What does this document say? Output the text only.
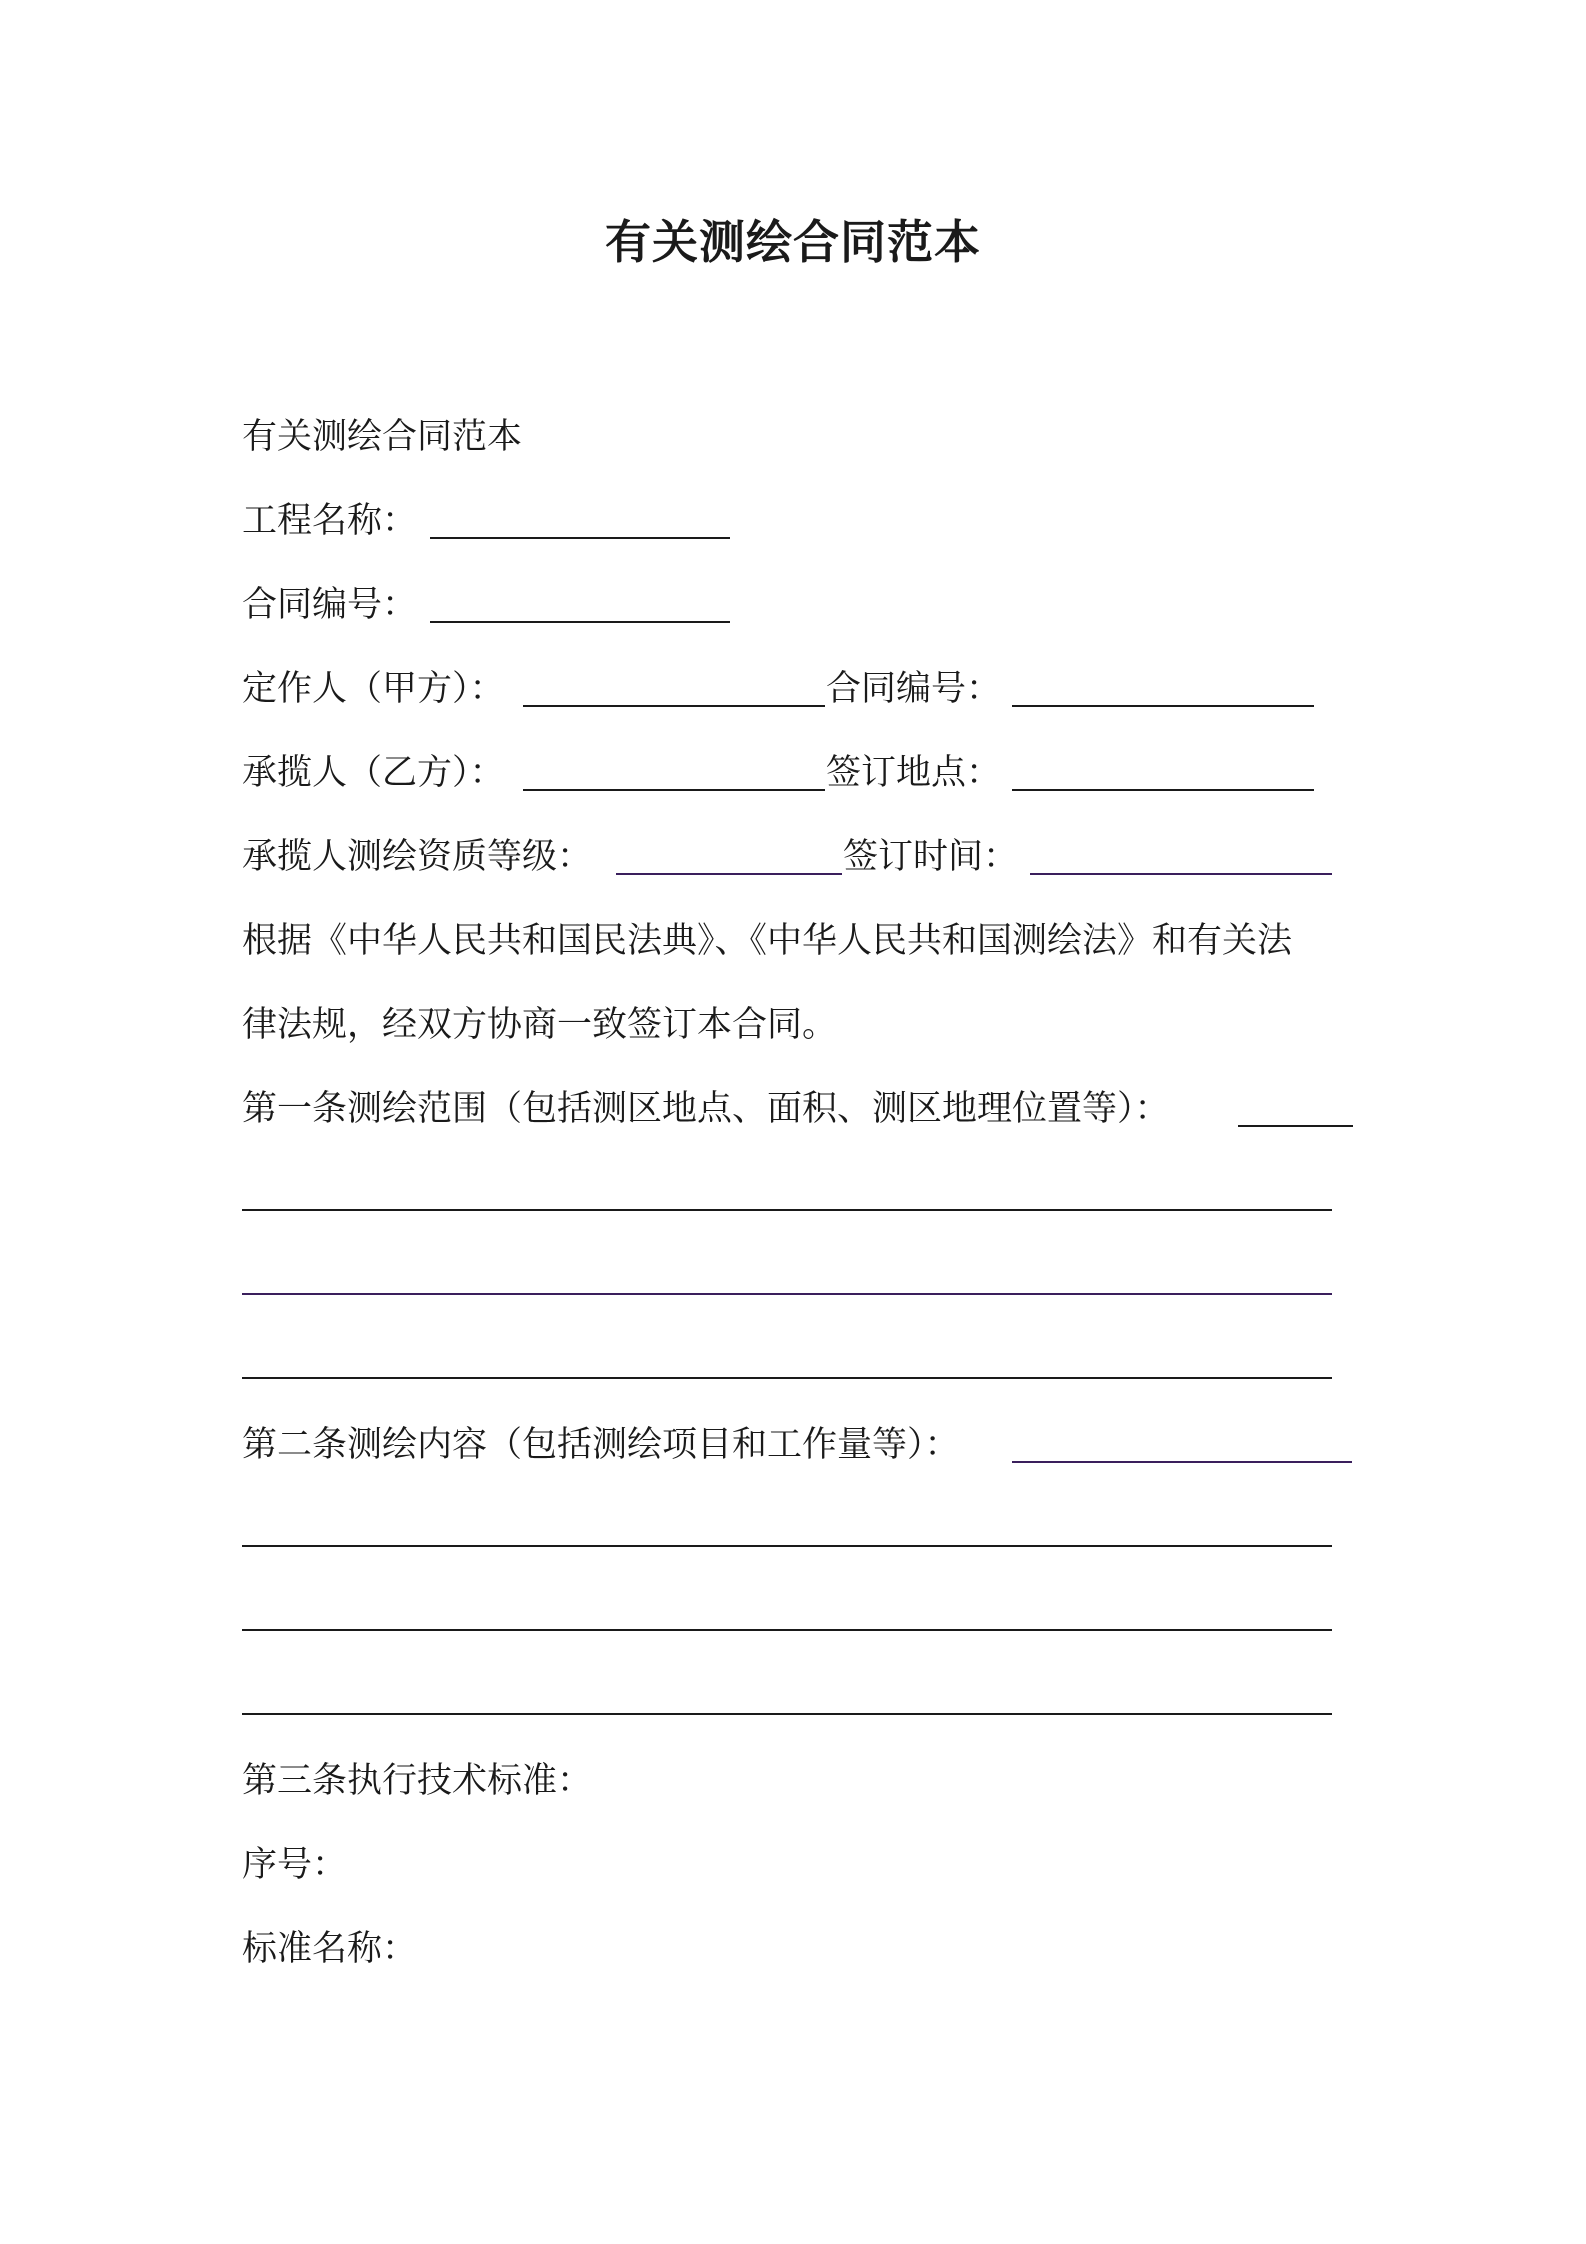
有关测绘合同范本
有关测绘合同范本
工程名称：
合同编号：
定作人（甲方）：	合同编号：
承揽人（乙方）：	签订地点：
承揽人测绘资质等级：	签订时间：
根据《中华人民共和国民法典》、《中华人民共和国测绘法》和有关法
律法规，经双方协商一致签订本合同。
第一条测绘范围（包括测区地点、面积、测区地理位置等）：
第二条测绘内容（包括测绘项目和工作量等）：
第三条执行技术标准：
序号：
标准名称：
